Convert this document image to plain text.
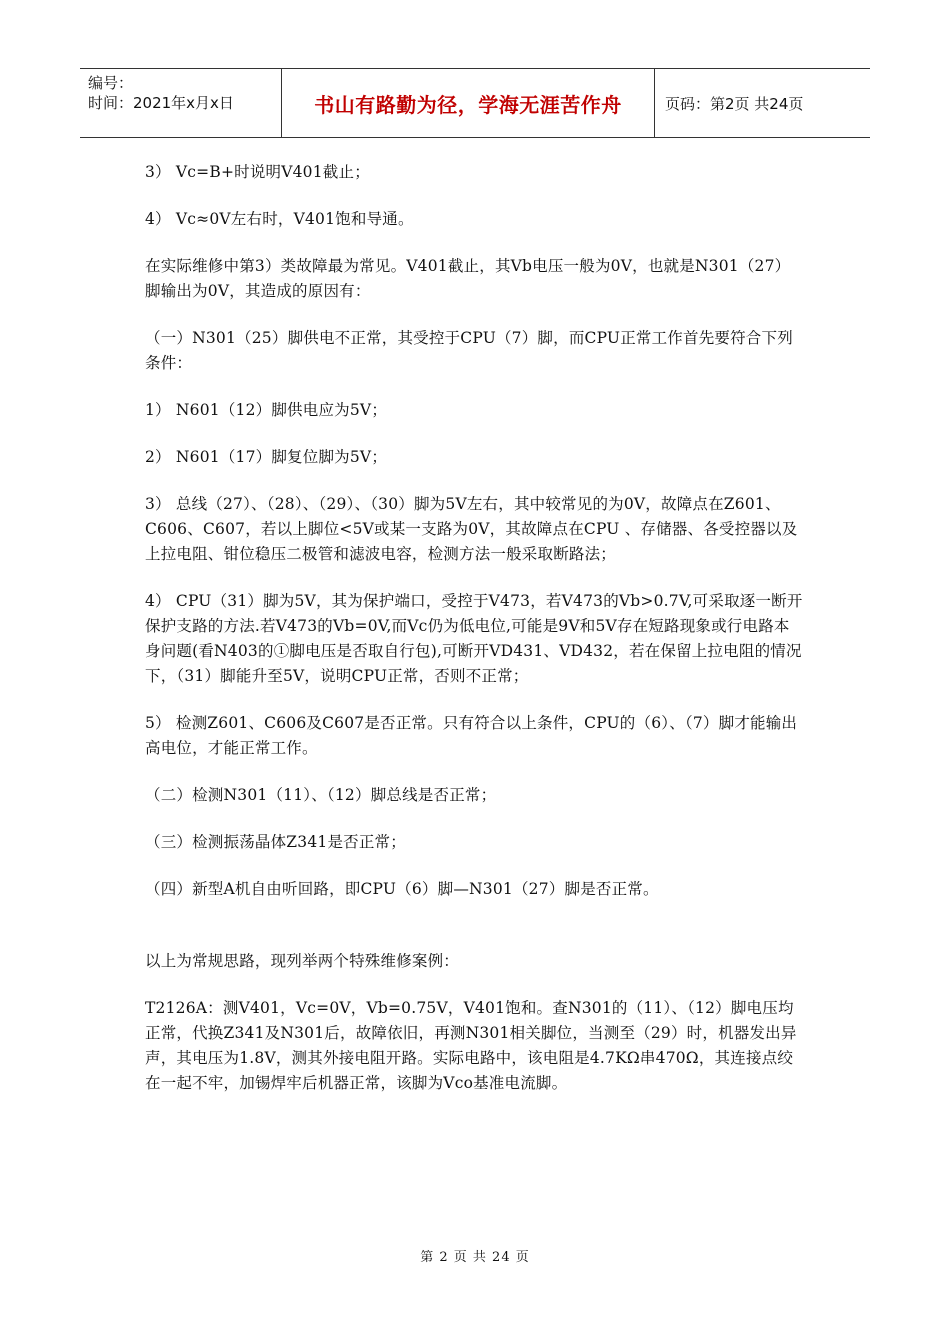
编号：
时间：2021年x月x日	书山有路勤为径，学海无涯苦作舟	页码：第2页 共24页

3） Vc=B+时说明V401截止；

4） Vc≈0V左右时，V401饱和导通。

在实际维修中第3）类故障最为常见。V401截止，其Vb电压一般为0V，也就是N301（27）脚输出为0V，其造成的原因有：

（一）N301（25）脚供电不正常，其受控于CPU（7）脚，而CPU正常工作首先要符合下列条件：

1） N601（12）脚供电应为5V；

2） N601（17）脚复位脚为5V；

3） 总线（27）、（28）、（29）、（30）脚为5V左右，其中较常见的为0V，故障点在Z601、C606、C607，若以上脚位<5V或某一支路为0V，其故障点在CPU 、存储器、各受控器以及上拉电阻、钳位稳压二极管和滤波电容，检测方法一般采取断路法；

4） CPU（31）脚为5V，其为保护端口，受控于V473，若V473的Vb>0.7V,可采取逐一断开保护支路的方法.若V473的Vb=0V,而Vc仍为低电位,可能是9V和5V存在短路现象或行电路本身问题(看N403的①脚电压是否取自行包),可断开VD431、VD432，若在保留上拉电阻的情况下，（31）脚能升至5V，说明CPU正常，否则不正常；

5） 检测Z601、C606及C607是否正常。只有符合以上条件，CPU的（6）、（7）脚才能输出高电位，才能正常工作。

（二）检测N301（11）、（12）脚总线是否正常；

（三）检测振荡晶体Z341是否正常；

（四）新型A机自由听回路，即CPU（6）脚—N301（27）脚是否正常。

以上为常规思路，现列举两个特殊维修案例：

T2126A：测V401，Vc=0V，Vb=0.75V，V401饱和。查N301的（11）、（12）脚电压均正常，代换Z341及N301后，故障依旧，再测N301相关脚位，当测至（29）时，机器发出异声，其电压为1.8V，测其外接电阻开路。实际电路中，该电阻是4.7KΩ串470Ω，其连接点绞在一起不牢，加锡焊牢后机器正常，该脚为Vco基准电流脚。

第 2 页 共 24 页
